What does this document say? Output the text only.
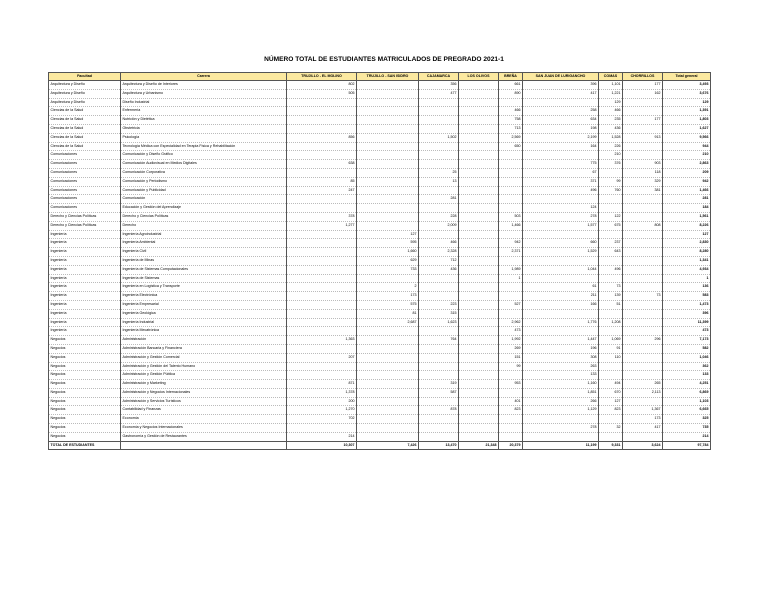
NÚMERO TOTAL DE ESTUDIANTES MATRICULADOS DE PREGRADO 2021-1
Facultad	Carrera	TRUJILLO - EL MOLINO	TRUJILLO - SAN ISIDRO	CAJAMARCA	LOS OLIVOS	BREÑA	SAN JUAN DE LURIGANCHO	COMAS	CHORRILLOS	Total general
Arquitectura y Diseño	Arquitectura y Diseño de Interiores	802		356		661	396	1,101	177	3,493
Arquitectura y Diseño	Arquitectura y Urbanismo	505		477		890	417	1,221	162	3,676
Arquitectura y Diseño	Diseño Industrial							129		129
Ciencias de la Salud	Enfermería					466	258	466		1,391
Ciencias de la Salud	Nutrición y Dietética					758	634	235	177	1,803
Ciencias de la Salud	Obstetricia					713	198	436		1,627
Ciencias de la Salud	Psicología	856		1,502		2,569	2,199	1,528	913	9,566
Ciencias de la Salud	Tecnología Médica con Especialidad en Terapia Física y Rehabilitación					650	164	226		944
Comunicaciones	Comunicación y Diseño Gráfico							210		210
Comunicaciones	Comunicación Audiovisual en Medios Digitales	638					775	376	903	2,863
Comunicaciones	Comunicación Corporativa			25			67		118	209
Comunicaciones	Comunicación y Periodismo	85		13			371	99	329	942
Comunicaciones	Comunicación y Publicidad	247					496	760	381	1,466
Comunicaciones	Comunicación			281						281
Comunicaciones	Educación y Gestión del Aprendizaje						124			184
Derecho y Ciencias Políticas	Derecho y Ciencias Políticas	378		228		503	278	122		1,561
Derecho y Ciencias Políticas	Derecho	1,277		2,009		1,466	1,577	675	808	8,226
Ingeniería	Ingeniería Agroindustrial		127							127
Ingeniería	Ingeniería Ambiental		595	466		942	660	237		2,830
Ingeniería	Ingeniería Civil		1,660	2,328		2,371	1,529	643		8,280
Ingeniería	Ingeniería de Minas		629	712						1,341
Ingeniería	Ingeniería de Sistemas Computacionales		733	436		1,989	1,044	496		4,934
Ingeniería	Ingeniería de Sistemas					1				1
Ingeniería	Ingeniería en Logística y Transporte		2				61	73		136
Ingeniería	Ingeniería Electrónica		173				211	139	73	583
Ingeniería	Ingeniería Empresarial		575	223		527	166	51		1,473
Ingeniería	Ingeniería Geológica		81	315						396
Ingeniería	Ingeniería Industrial		2,687	1,623		2,962	1,776	1,208		11,399
Ingeniería	Ingeniería Mecatrónica					473				473
Negocios	Administración	1,363		764		1,992	1,447	1,069	296	7,173
Negocios	Administración Bancaria y Financiera					269	196	91		582
Negocios	Administración y Gestión Comercial	207				151	308	110		1,046
Negocios	Administración y Gestión del Talento Humano					99	263			362
Negocios	Administración y Gestión Pública						133			133
Negocios	Administración y Marketing	871		319		953	1,160	494	265	4,251
Negocios	Administración y Negocios Internacionales	1,378		587			1,851	670	2,113	6,869
Negocios	Administración y Servicios Turísticos	200				401	266	127		1,103
Negocios	Contabilidad y Finanzas	1,270		878		823	1,129	823	1,367	6,665
Negocios	Economía	702							173	325
Negocios	Economía y Negocios Internacionales						278	32	417	735
Negocios	Gastronomía y Gestión de Restaurantes	214								214
TOTAL DE ESTUDIANTES		10,307	7,426	13,470	21,348	20,379	11,199	9,331	3,624	97,784
